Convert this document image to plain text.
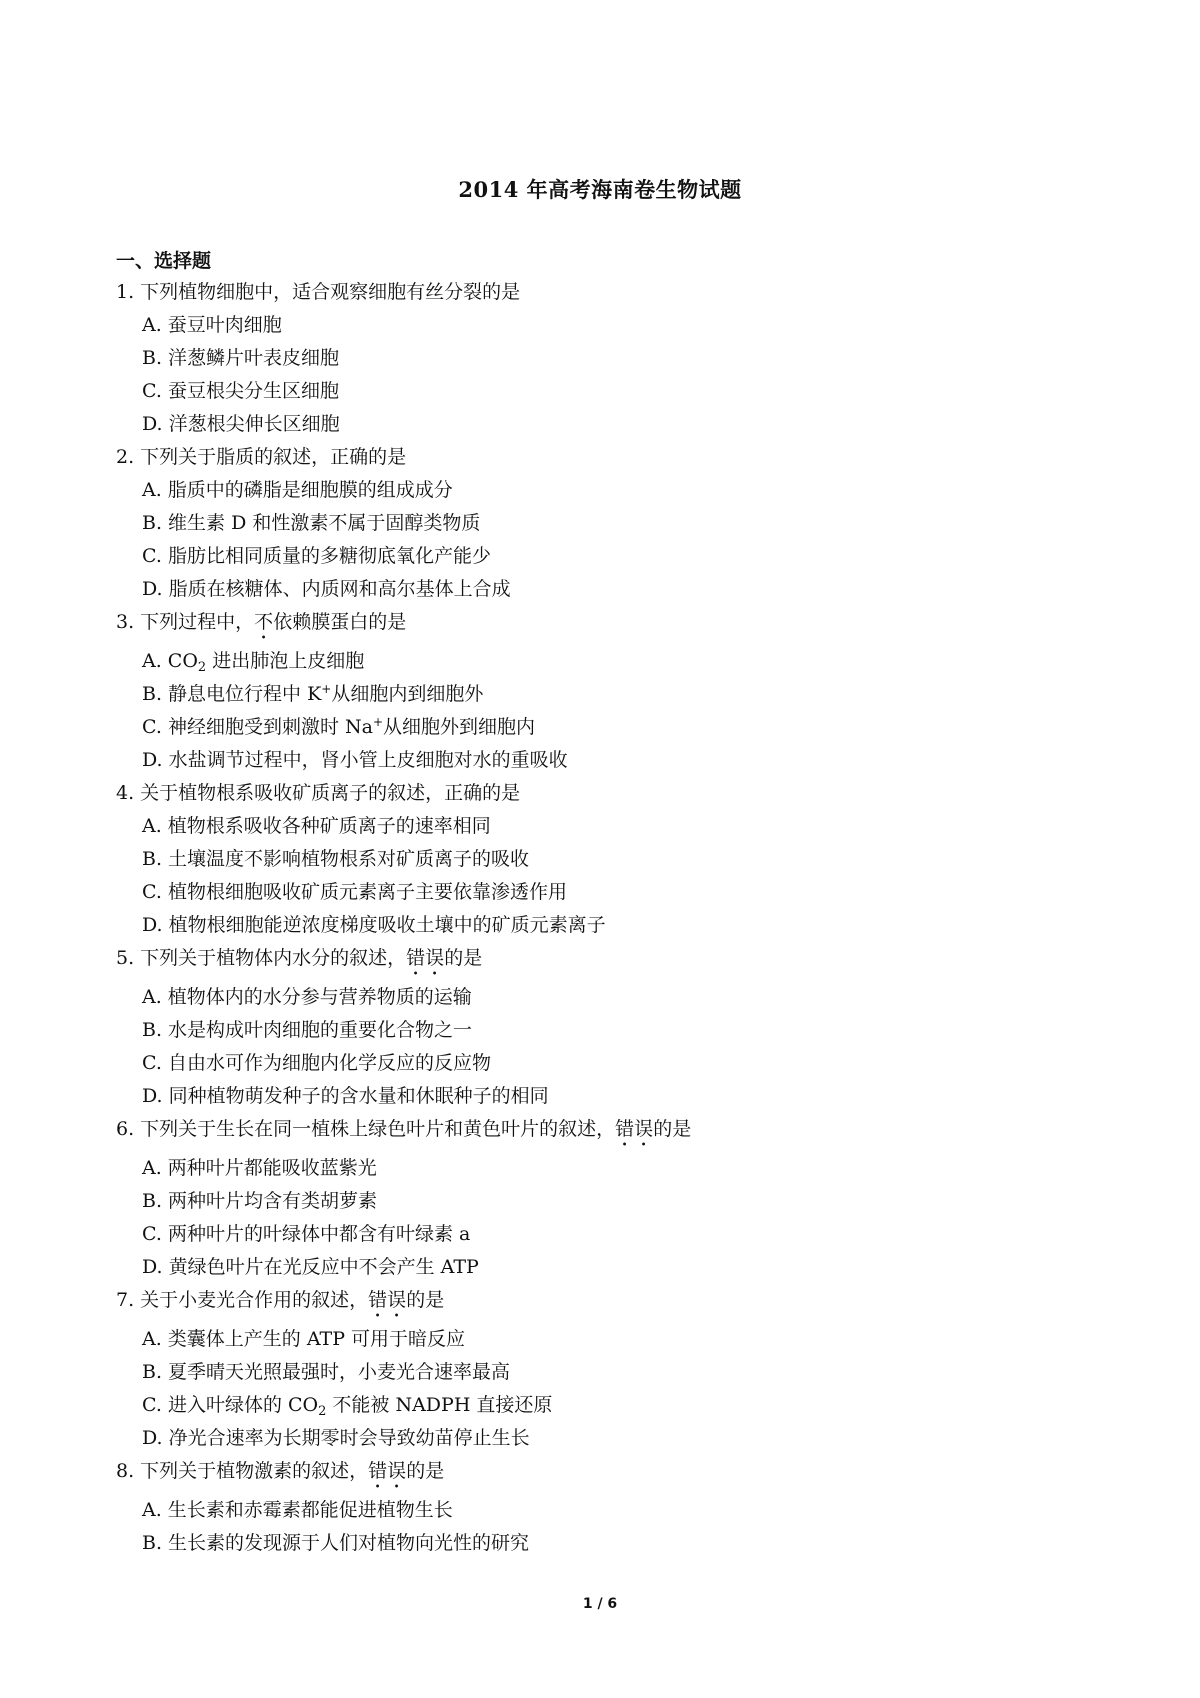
2014 年高考海南卷生物试题
一、选择题
1. 下列植物细胞中，适合观察细胞有丝分裂的是
A. 蚕豆叶肉细胞
B. 洋葱鳞片叶表皮细胞
C. 蚕豆根尖分生区细胞
D. 洋葱根尖伸长区细胞
2. 下列关于脂质的叙述，正确的是
A. 脂质中的磷脂是细胞膜的组成成分
B. 维生素 D 和性激素不属于固醇类物质
C. 脂肪比相同质量的多糖彻底氧化产能少
D. 脂质在核糖体、内质网和高尔基体上合成
3. 下列过程中，不依赖膜蛋白的是
A. $CO_2$ 进出肺泡上皮细胞
B. 静息电位行程中 K+从细胞内到细胞外
C. 神经细胞受到刺激时 Na+从细胞外到细胞内
D. 水盐调节过程中，肾小管上皮细胞对水的重吸收
4. 关于植物根系吸收矿质离子的叙述，正确的是
A. 植物根系吸收各种矿质离子的速率相同
B. 土壤温度不影响植物根系对矿质离子的吸收
C. 植物根细胞吸收矿质元素离子主要依靠渗透作用
D. 植物根细胞能逆浓度梯度吸收土壤中的矿质元素离子
5. 下列关于植物体内水分的叙述，错误的是
A. 植物体内的水分参与营养物质的运输
B. 水是构成叶肉细胞的重要化合物之一
C. 自由水可作为细胞内化学反应的反应物
D. 同种植物萌发种子的含水量和休眠种子的相同
6. 下列关于生长在同一植株上绿色叶片和黄色叶片的叙述，错误的是
A. 两种叶片都能吸收蓝紫光
B. 两种叶片均含有类胡萝素
C. 两种叶片的叶绿体中都含有叶绿素 a
D. 黄绿色叶片在光反应中不会产生 ATP
7. 关于小麦光合作用的叙述，错误的是
A. 类囊体上产生的 ATP 可用于暗反应
B. 夏季晴天光照最强时，小麦光合速率最高
C. 进入叶绿体的 $CO_2$ 不能被 NADPH 直接还原
D. 净光合速率为长期零时会导致幼苗停止生长
8. 下列关于植物激素的叙述，错误的是
A. 生长素和赤霉素都能促进植物生长
B. 生长素的发现源于人们对植物向光性的研究
1 / 6
